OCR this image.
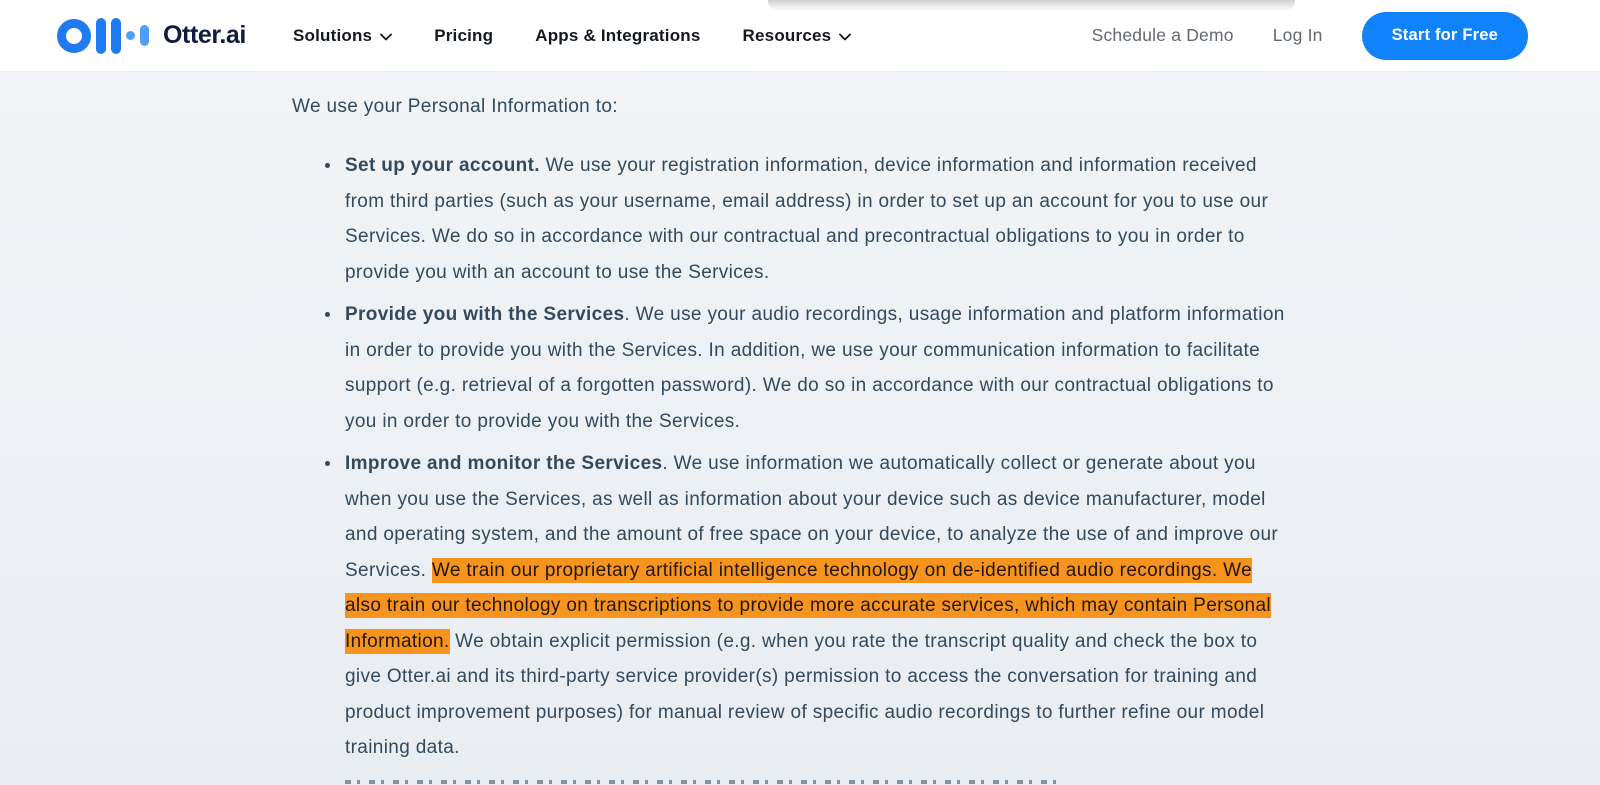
Otter.ai	Solutions	Pricing Apps & Integrations Resources	Schedule a Demo Log In	Start for Free

We use your Personal Information to:

Set up your account. We use your registration information, device information and information received from third parties (such as your username, email address) in order to set up an account for you to use our Services. We do so in accordance with our contractual and precontractual obligations to you in order to provide you with an account to use the Services.
Provide you with the Services. We use your audio recordings, usage information and platform information in order to provide you with the Services. In addition, we use your communication information to facilitate support (e.g. retrieval of a forgotten password). We do so in accordance with our contractual obligations to you in order to provide you with the Services.
Improve and monitor the Services. We use information we automatically collect or generate about you when you use the Services, as well as information about your device such as device manufacturer, model and operating system, and the amount of free space on your device, to analyze the use of and improve our Services. We train our proprietary artificial intelligence technology on de-identified audio recordings. We also train our technology on transcriptions to provide more accurate services, which may contain Personal Information. We obtain explicit permission (e.g. when you rate the transcript quality and check the box to give Otter.ai and its third-party service provider(s) permission to access the conversation for training and product improvement purposes) for manual review of specific audio recordings to further refine our model training data.
